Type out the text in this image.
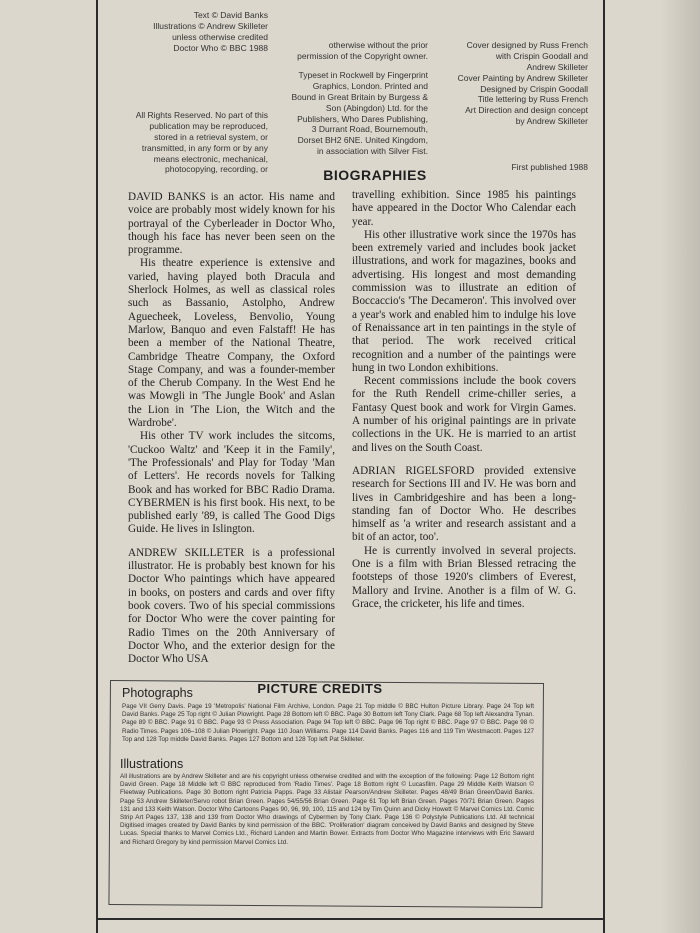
Text © David Banks
Illustrations © Andrew Skilleter
unless otherwise credited
Doctor Who © BBC 1988
All Rights Reserved. No part of this
publication may be reproduced,
stored in a retrieval system, or
transmitted, in any form or by any
means electronic, mechanical,
photocopying, recording, or
otherwise without the prior
permission of the Copyright owner.
Typeset in Rockwell by Fingerprint
Graphics, London. Printed and
Bound in Great Britain by Burgess &
Son (Abingdon) Ltd. for the
Publishers, Who Dares Publishing,
3 Durrant Road, Bournemouth,
Dorset BH2 6NE. United Kingdom,
in association with Silver Fist.
Cover designed by Russ French
with Crispin Goodall and
Andrew Skilleter
Cover Painting by Andrew Skilleter
Designed by Crispin Goodall
Title lettering by Russ French
Art Direction and design concept
by Andrew Skilleter
First published 1988
BIOGRAPHIES

DAVID BANKS is an actor. His name and voice are probably most widely known for his portrayal of the Cyberleader in Doctor Who, though his face has never been seen on the programme.

His theatre experience is extensive and varied, having played both Dracula and Sherlock Holmes, as well as classical roles such as Bassanio, Astolpho, Andrew Aguecheek, Loveless, Benvolio, Young Marlow, Banquo and even Falstaff! He has been a member of the National Theatre, Cambridge Theatre Company, the Oxford Stage Company, and was a founder-member of the Cherub Company. In the West End he was Mowgli in 'The Jungle Book' and Aslan the Lion in 'The Lion, the Witch and the Wardrobe'.

His other TV work includes the sitcoms, 'Cuckoo Waltz' and 'Keep it in the Family', 'The Professionals' and Play for Today 'Man of Letters'. He records novels for Talking Book and has worked for BBC Radio Drama. CYBERMEN is his first book. His next, to be published early '89, is called The Good Digs Guide. He lives in Islington.

ANDREW SKILLETER is a professional illustrator. He is probably best known for his Doctor Who paintings which have appeared in books, on posters and cards and over fifty book covers. Two of his special commissions for Doctor Who were the cover painting for Radio Times on the 20th Anniversary of Doctor Who, and the exterior design for the Doctor Who USA

travelling exhibition. Since 1985 his paintings have appeared in the Doctor Who Calendar each year.

His other illustrative work since the 1970s has been extremely varied and includes book jacket illustrations, and work for magazines, books and advertising. His longest and most demanding commission was to illustrate an edition of Boccaccio's 'The Decameron'. This involved over a year's work and enabled him to indulge his love of Renaissance art in ten paintings in the style of that period. The work received critical recognition and a number of the paintings were hung in two London exhibitions.

Recent commissions include the book covers for the Ruth Rendell crime-chiller series, a Fantasy Quest book and work for Virgin Games. A number of his original paintings are in private collections in the UK. He is married to an artist and lives on the South Coast.

ADRIAN RIGELSFORD provided extensive research for Sections III and IV. He was born and lives in Cambridgeshire and has been a long-standing fan of Doctor Who. He describes himself as 'a writer and research assistant and a bit of an actor, too'.

He is currently involved in several projects. One is a film with Brian Blessed retracing the footsteps of those 1920's climbers of Everest, Mallory and Irvine. Another is a film of W. G. Grace, the cricketer, his life and times.

PICTURE CREDITS
Photographs

Page VII Gerry Davis. Page 19 'Metropolis' National Film Archive, London. Page 21 Top middle © BBC Hulton Picture Library. Page 24 Top left David Banks. Page 25 Top right © Julian Plowright. Page 28 Bottom left © BBC. Page 30 Bottom left Tony Clark. Page 68 Top left Alexandra Tynan. Page 89 © BBC. Page 91 © BBC. Page 93 © Press Association. Page 94 Top left © BBC. Page 96 Top right © BBC. Page 97 © BBC. Page 98 © Radio Times. Pages 106–108 © Julian Plowright. Page 110 Joan Williams. Page 114 David Banks. Pages 116 and 119 Tim Westmacott. Pages 127 Top and 128 Top middle David Banks. Pages 127 Bottom and 128 Top left Pat Skilleter.

Illustrations

All illustrations are by Andrew Skilleter and are his copyright unless otherwise credited and with the exception of the following: Page 12 Bottom right David Green. Page 18 Middle left © BBC reproduced from 'Radio Times'. Page 18 Bottom right © Lucasfilm. Page 29 Middle Keith Watson © Fleetway Publications. Page 30 Bottom right Patricia Papps. Page 33 Alistair Pearson/Andrew Skilleter. Pages 48/49 Brian Green/David Banks. Page 53 Andrew Skilleter/Servo robot Brian Green. Pages 54/55/56 Brian Green. Page 61 Top left Brian Green. Pages 70/71 Brian Green. Pages 131 and 133 Keith Watson. Doctor Who Cartoons Pages 90, 96, 99, 100, 115 and 124 by Tim Quinn and Dicky Howett © Marvel Comics Ltd. Comic Strip Art Pages 137, 138 and 139 from Doctor Who drawings of Cybermen by Tony Clark. Page 136 © Polystyle Publications Ltd. All technical Digitised images created by David Banks by kind permission of the BBC. 'Proliferation' diagram conceived by David Banks and designed by Steve Lucas. Special thanks to Marvel Comics Ltd., Richard Landen and Martin Bower. Extracts from Doctor Who Magazine interviews with Eric Saward and Richard Gregory by kind permission Marvel Comics Ltd.
